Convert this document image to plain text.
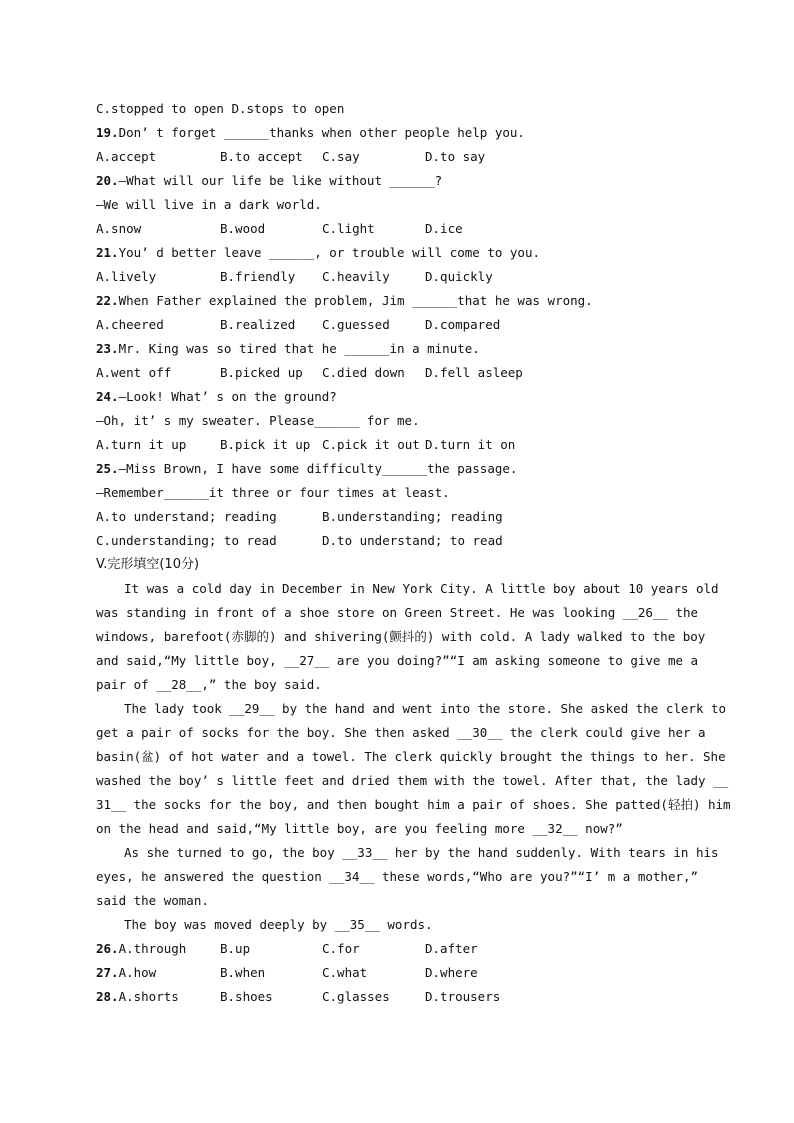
C.stopped to open D.stops to open
19.Don’ t forget ______thanks when other people help you.
A.accept	B.to accept C.say	D.to say
20.—What will our life be like without ______?
—We will live in a dark world.
A.snow	B.wood	C.light	D.ice
21.You’ d better leave ______, or trouble will come to you.
A.lively	B.friendly C.heavily	D.quickly
22.When Father explained the problem, Jim ______that he was wrong.
A.cheered	B.realized C.guessed	D.compared
23.Mr. King was so tired that he ______in a minute.
A.went off	B.picked up C.died down D.fell asleep
24.—Look! What’ s on the ground?
—Oh, it’ s my sweater. Please______ for me.
A.turn it up	B.pick it up C.pick it out D.turn it on
25.—Miss Brown, I have some difficulty______the passage.
—Remember______it three or four times at least.
A.to understand; reading	B.understanding; reading
C.understanding; to read	D.to understand; to read
V.完形填空(10分)
It was a cold day in December in New York City. A little boy about 10 years old
was standing in front of a shoe store on Green Street. He was looking __26__ the
windows, barefoot(赤脚的) and shivering(颤抖的) with cold. A lady walked to the boy
and said,“My little boy, __27__ are you doing?”“I am asking someone to give me a
pair of __28__,” the boy said.
The lady took __29__ by the hand and went into the store. She asked the clerk to
get a pair of socks for the boy. She then asked __30__ the clerk could give her a
basin(盆) of hot water and a towel. The clerk quickly brought the things to her. She
washed the boy’ s little feet and dried them with the towel. After that, the lady __
31__ the socks for the boy, and then bought him a pair of shoes. She patted(轻拍) him
on the head and said,“My little boy, are you feeling more __32__ now?”
As she turned to go, the boy __33__ her by the hand suddenly. With tears in his
eyes, he answered the question __34__ these words,“Who are you?”“I’ m a mother,”
said the woman.
The boy was moved deeply by __35__ words.
26.A.through	B.up	C.for	D.after
27.A.how	B.when	C.what	D.where
28.A.shorts	B.shoes	C.glasses	D.trousers
